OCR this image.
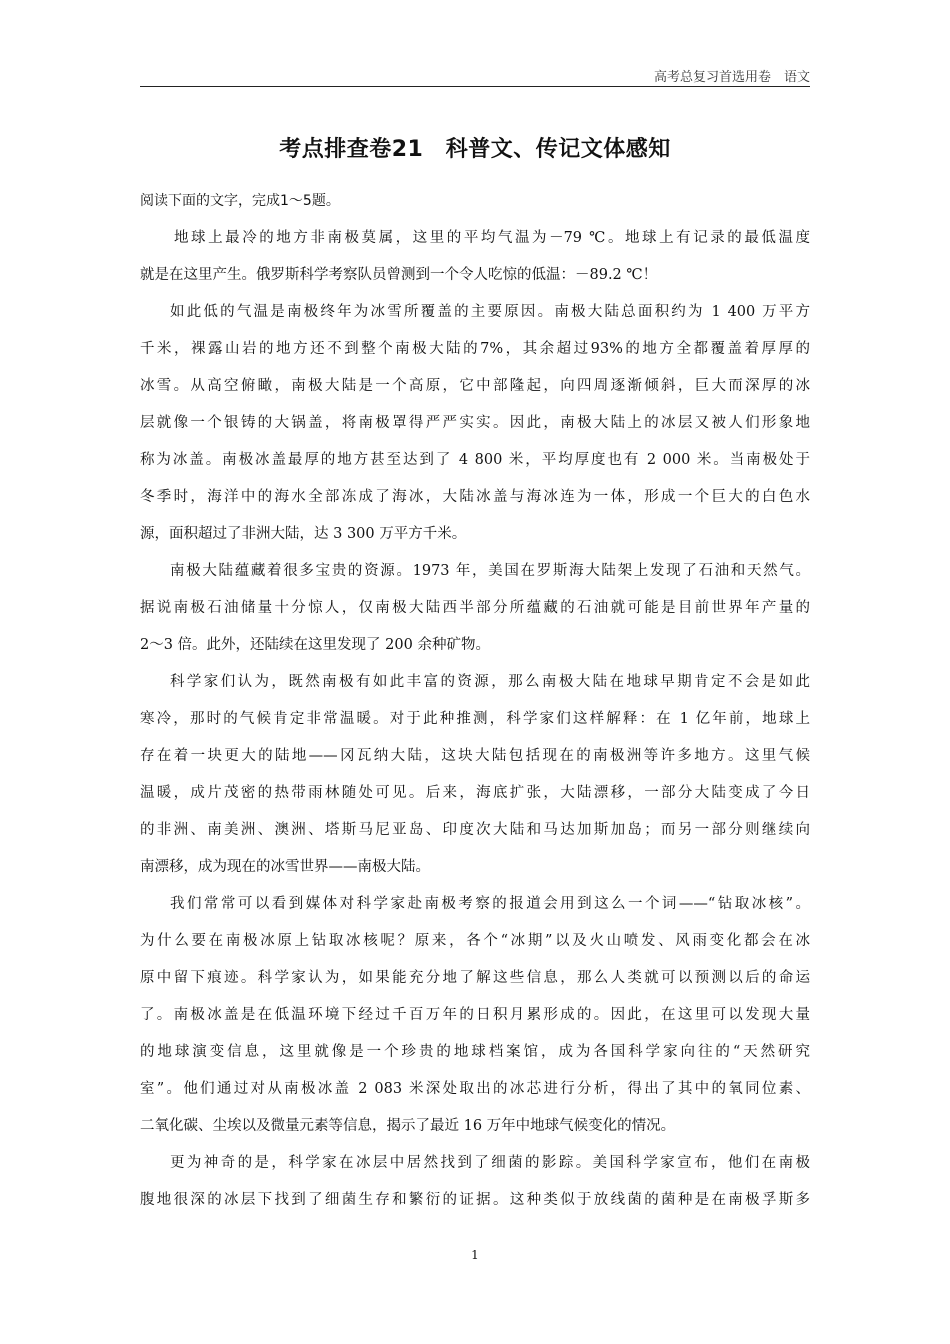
高考总复习首选用卷　语文
考点排查卷21　科普文、传记文体感知
阅读下面的文字，完成1～5题。
地球上最冷的地方非南极莫属，这里的平均气温为－79 ℃。地球上有记录的最低温度
就是在这里产生。俄罗斯科学考察队员曾测到一个令人吃惊的低温：－89.2 ℃！
如此低的气温是南极终年为冰雪所覆盖的主要原因。南极大陆总面积约为 1 400 万平方
千米，裸露山岩的地方还不到整个南极大陆的7%，其余超过93%的地方全都覆盖着厚厚的
冰雪。从高空俯瞰，南极大陆是一个高原，它中部隆起，向四周逐渐倾斜，巨大而深厚的冰
层就像一个银铸的大锅盖，将南极罩得严严实实。因此，南极大陆上的冰层又被人们形象地
称为冰盖。南极冰盖最厚的地方甚至达到了 4 800 米，平均厚度也有 2 000 米。当南极处于
冬季时，海洋中的海水全部冻成了海冰，大陆冰盖与海冰连为一体，形成一个巨大的白色水
源，面积超过了非洲大陆，达 3 300 万平方千米。
南极大陆蕴藏着很多宝贵的资源。1973 年，美国在罗斯海大陆架上发现了石油和天然气。
据说南极石油储量十分惊人，仅南极大陆西半部分所蕴藏的石油就可能是目前世界年产量的
2～3 倍。此外，还陆续在这里发现了 200 余种矿物。
科学家们认为，既然南极有如此丰富的资源，那么南极大陆在地球早期肯定不会是如此
寒冷，那时的气候肯定非常温暖。对于此种推测，科学家们这样解释：在 1 亿年前，地球上
存在着一块更大的陆地——冈瓦纳大陆，这块大陆包括现在的南极洲等许多地方。这里气候
温暖，成片茂密的热带雨林随处可见。后来，海底扩张，大陆漂移，一部分大陆变成了今日
的非洲、南美洲、澳洲、塔斯马尼亚岛、印度次大陆和马达加斯加岛；而另一部分则继续向
南漂移，成为现在的冰雪世界——南极大陆。
我们常常可以看到媒体对科学家赴南极考察的报道会用到这么一个词——“钻取冰核”。
为什么要在南极冰原上钻取冰核呢？原来，各个“冰期”以及火山喷发、风雨变化都会在冰
原中留下痕迹。科学家认为，如果能充分地了解这些信息，那么人类就可以预测以后的命运
了。南极冰盖是在低温环境下经过千百万年的日积月累形成的。因此，在这里可以发现大量
的地球演变信息，这里就像是一个珍贵的地球档案馆，成为各国科学家向往的“天然研究
室”。他们通过对从南极冰盖 2 083 米深处取出的冰芯进行分析，得出了其中的氧同位素、
二氧化碳、尘埃以及微量元素等信息，揭示了最近 16 万年中地球气候变化的情况。
更为神奇的是，科学家在冰层中居然找到了细菌的影踪。美国科学家宣布，他们在南极
腹地很深的冰层下找到了细菌生存和繁衍的证据。这种类似于放线菌的菌种是在南极孚斯多
1
